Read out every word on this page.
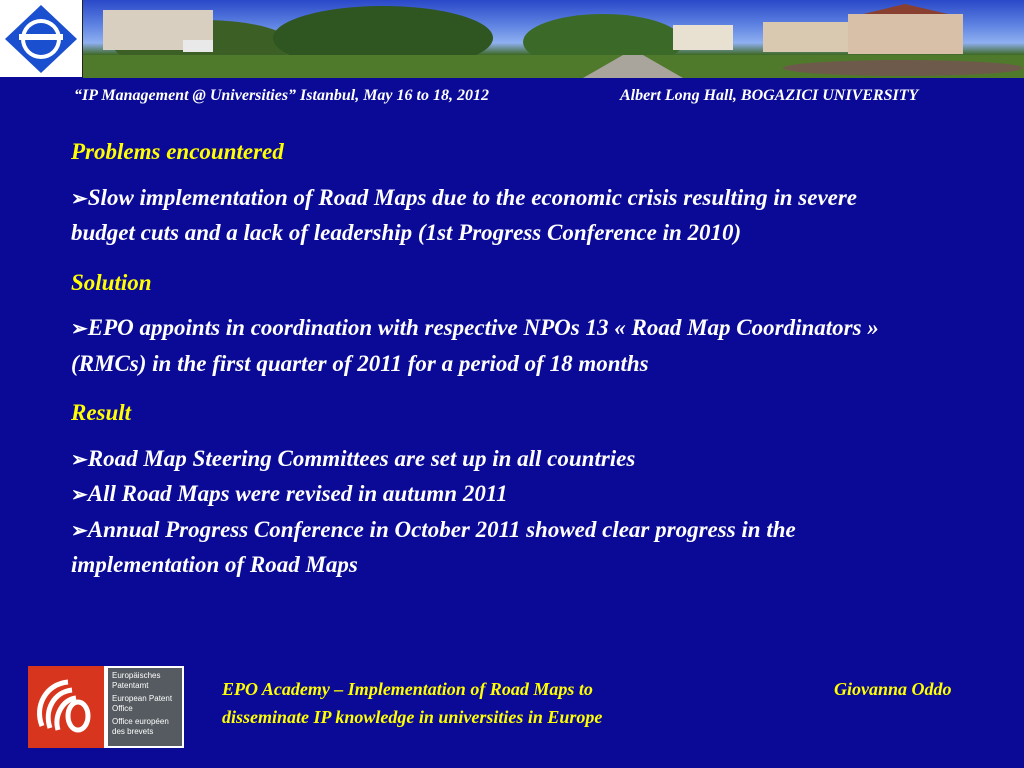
“IP Management @ Universities” Istanbul, May 16 to 18, 2012	Albert Long Hall, BOGAZICI UNIVERSITY
Problems encountered
➢Slow implementation of Road Maps due to the economic crisis resulting in severe budget cuts and a lack of leadership (1st Progress Conference in 2010)
Solution
➢EPO appoints in coordination with respective NPOs 13 « Road Map Coordinators » (RMCs) in the first quarter of 2011 for a period of 18 months
Result
➢Road Map Steering Committees are set up in all countries
➢All Road Maps were revised in autumn 2011
➢Annual Progress Conference in October 2011 showed clear progress in the implementation of Road Maps
Europäisches Patentamt
European Patent Office
Office européen des brevets
EPO Academy – Implementation of Road Maps to
disseminate IP knowledge in universities in Europe
Giovanna Oddo
